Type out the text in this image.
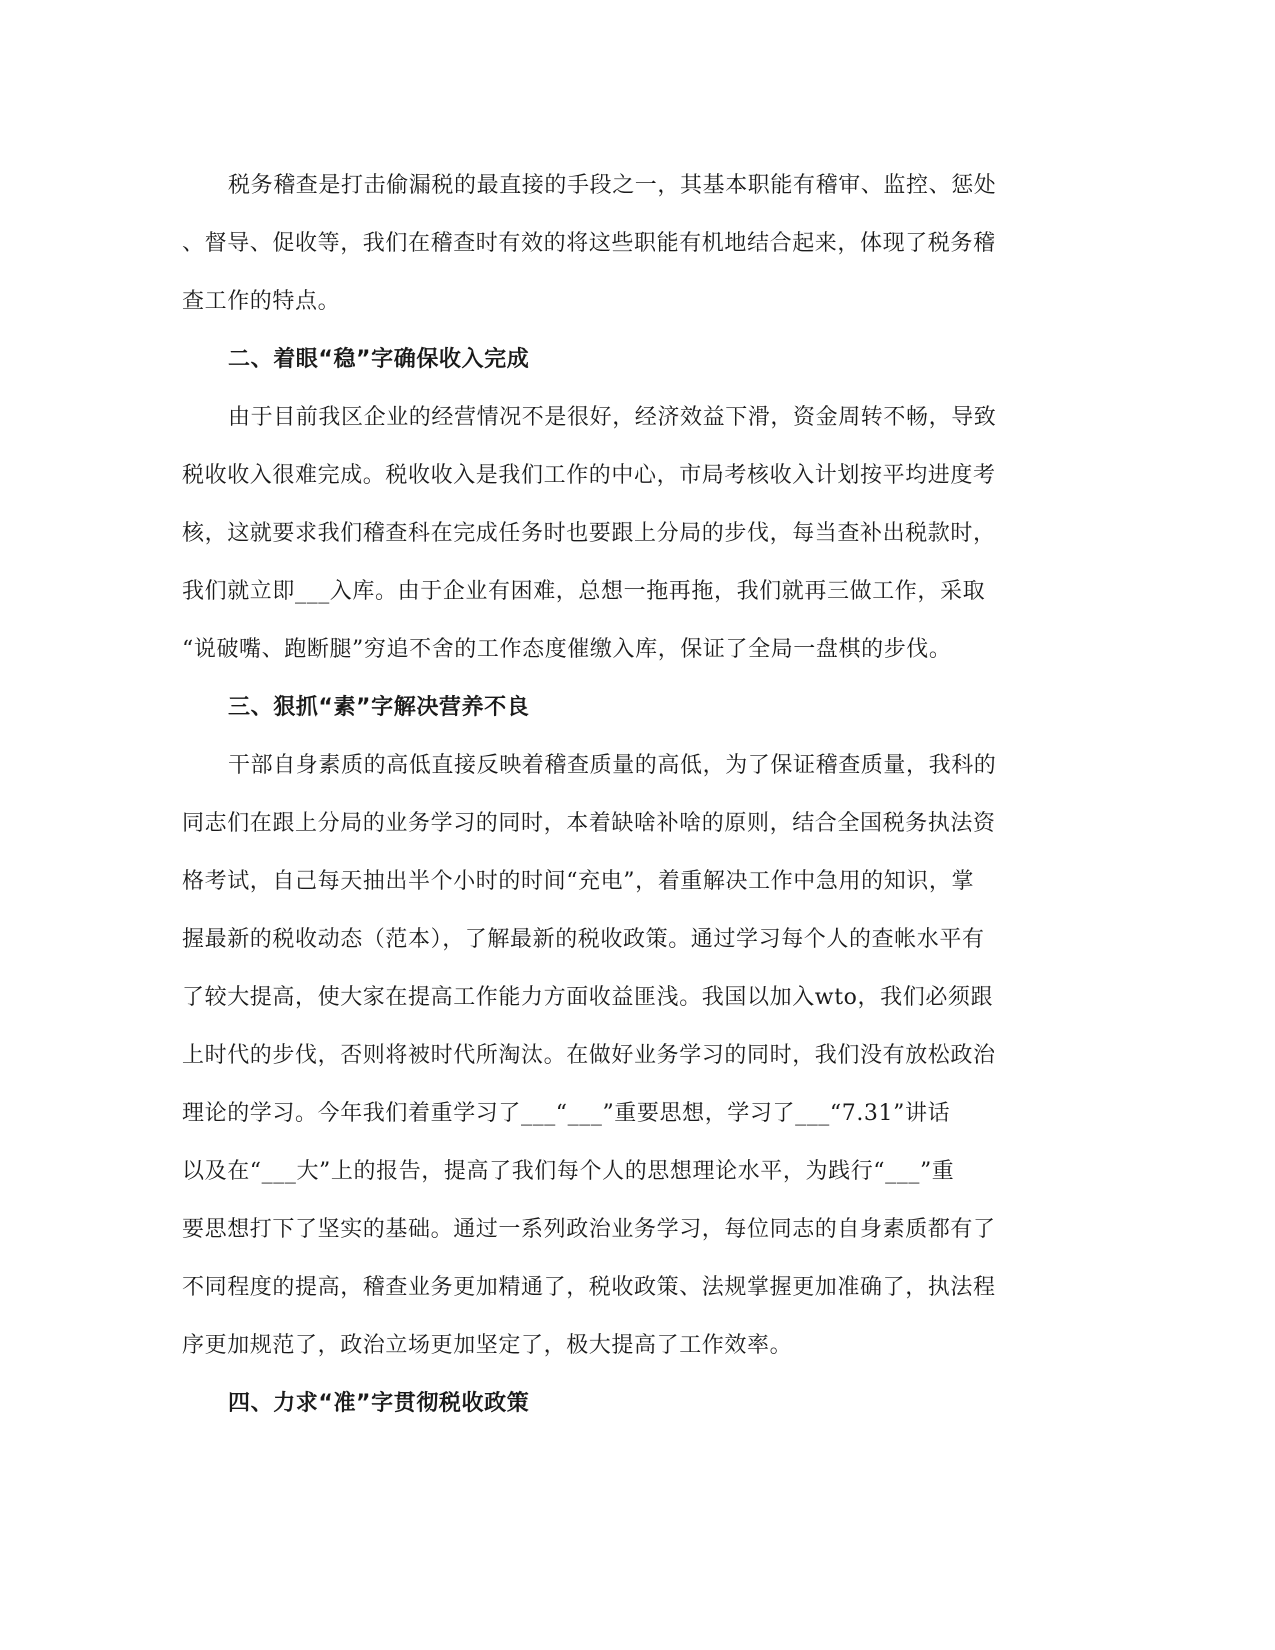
税务稽查是打击偷漏税的最直接的手段之一，其基本职能有稽审、监控、惩处
、督导、促收等，我们在稽查时有效的将这些职能有机地结合起来，体现了税务稽
查工作的特点。
二、着眼“稳”字确保收入完成
由于目前我区企业的经营情况不是很好，经济效益下滑，资金周转不畅，导致
税收收入很难完成。税收收入是我们工作的中心，市局考核收入计划按平均进度考
核，这就要求我们稽查科在完成任务时也要跟上分局的步伐，每当查补出税款时，
我们就立即___入库。由于企业有困难，总想一拖再拖，我们就再三做工作，采取
“说破嘴、跑断腿”穷追不舍的工作态度催缴入库，保证了全局一盘棋的步伐。
三、狠抓“素”字解决营养不良
干部自身素质的高低直接反映着稽查质量的高低，为了保证稽查质量，我科的
同志们在跟上分局的业务学习的同时，本着缺啥补啥的原则，结合全国税务执法资
格考试，自己每天抽出半个小时的时间“充电”，着重解决工作中急用的知识，掌
握最新的税收动态（范本），了解最新的税收政策。通过学习每个人的查帐水平有
了较大提高，使大家在提高工作能力方面收益匪浅。我国以加入wto，我们必须跟
上时代的步伐，否则将被时代所淘汰。在做好业务学习的同时，我们没有放松政治
理论的学习。今年我们着重学习了___“___”重要思想，学习了___“7.31”讲话
以及在“___大”上的报告，提高了我们每个人的思想理论水平，为践行“___”重
要思想打下了坚实的基础。通过一系列政治业务学习，每位同志的自身素质都有了
不同程度的提高，稽查业务更加精通了，税收政策、法规掌握更加准确了，执法程
序更加规范了，政治立场更加坚定了，极大提高了工作效率。
四、力求“准”字贯彻税收政策
